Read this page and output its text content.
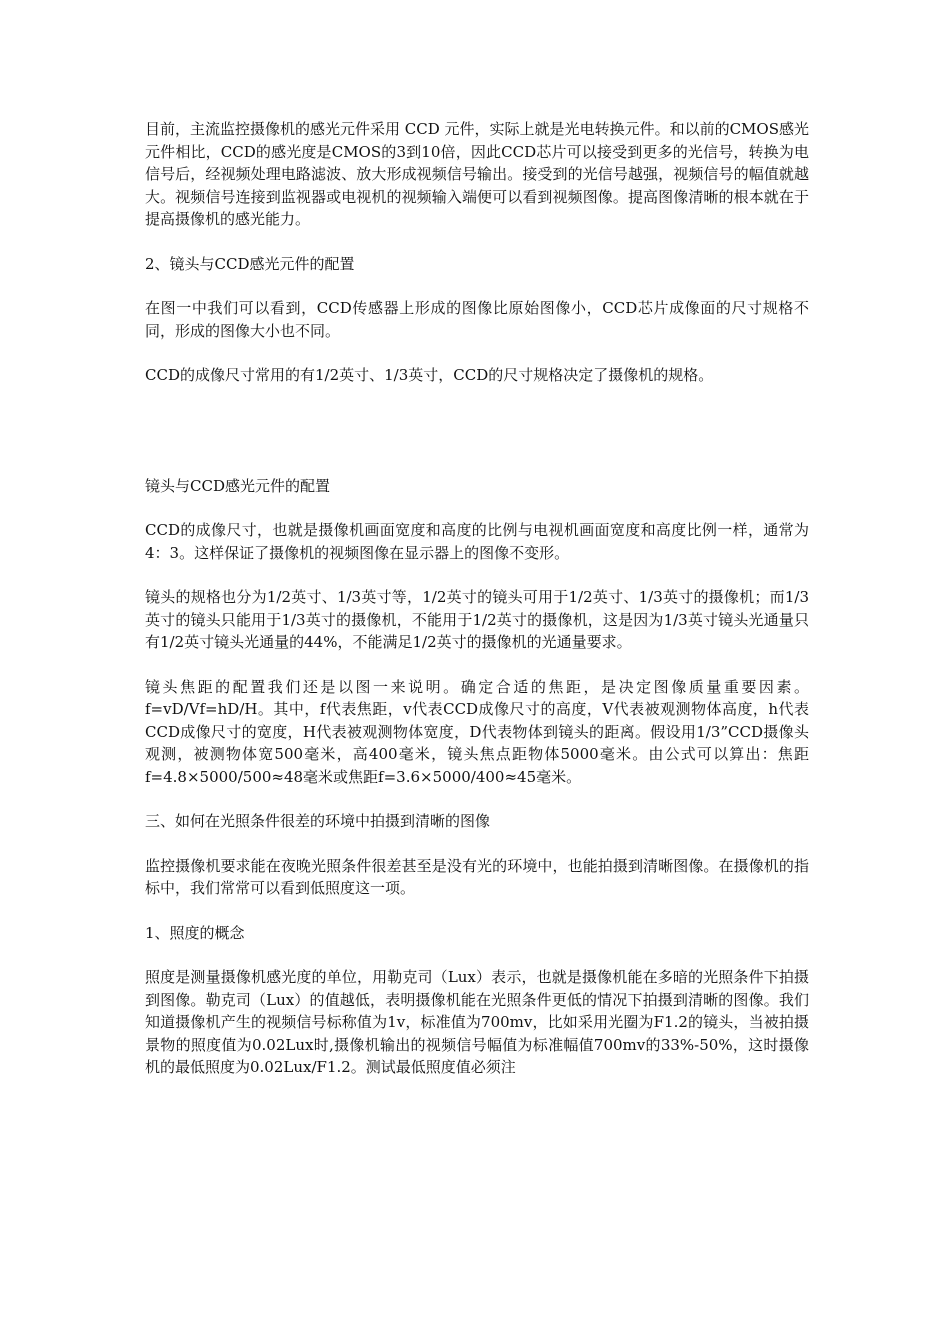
目前，主流监控摄像机的感光元件采用 CCD 元件，实际上就是光电转换元件。和以前的CMOS感光元件相比，CCD的感光度是CMOS的3到10倍，因此CCD芯片可以接受到更多的光信号，转换为电信号后，经视频处理电路滤波、放大形成视频信号输出。接受到的光信号越强，视频信号的幅值就越大。视频信号连接到监视器或电视机的视频输入端便可以看到视频图像。提高图像清晰的根本就在于提高摄像机的感光能力。

2、镜头与CCD感光元件的配置

在图一中我们可以看到，CCD传感器上形成的图像比原始图像小，CCD芯片成像面的尺寸规格不同，形成的图像大小也不同。

CCD的成像尺寸常用的有1/2英寸、1/3英寸，CCD的尺寸规格决定了摄像机的规格。

镜头与CCD感光元件的配置

CCD的成像尺寸，也就是摄像机画面宽度和高度的比例与电视机画面宽度和高度比例一样，通常为4：3。这样保证了摄像机的视频图像在显示器上的图像不变形。

镜头的规格也分为1/2英寸、1/3英寸等，1/2英寸的镜头可用于1/2英寸、1/3英寸的摄像机；而1/3英寸的镜头只能用于1/3英寸的摄像机，不能用于1/2英寸的摄像机，这是因为1/3英寸镜头光通量只有1/2英寸镜头光通量的44%，不能满足1/2英寸的摄像机的光通量要求。

镜头焦距的配置我们还是以图一来说明。确定合适的焦距，是决定图像质量重要因素。f=vD/Vf=hD/H。其中，f代表焦距，v代表CCD成像尺寸的高度，V代表被观测物体高度，h代表CCD成像尺寸的宽度，H代表被观测物体宽度，D代表物体到镜头的距离。假设用1/3”CCD摄像头观测，被测物体宽500毫米，高400毫米，镜头焦点距物体5000毫米。由公式可以算出：焦距f=4.8×5000/500≈48毫米或焦距f=3.6×5000/400≈45毫米。

三、如何在光照条件很差的环境中拍摄到清晰的图像

监控摄像机要求能在夜晚光照条件很差甚至是没有光的环境中，也能拍摄到清晰图像。在摄像机的指标中，我们常常可以看到低照度这一项。

1、照度的概念

照度是测量摄像机感光度的单位，用勒克司（Lux）表示，也就是摄像机能在多暗的光照条件下拍摄到图像。勒克司（Lux）的值越低，表明摄像机能在光照条件更低的情况下拍摄到清晰的图像。我们知道摄像机产生的视频信号标称值为1v，标准值为700mv，比如采用光圈为F1.2的镜头，当被拍摄景物的照度值为0.02Lux时,摄像机输出的视频信号幅值为标准幅值700mv的33%-50%，这时摄像机的最低照度为0.02Lux/F1.2。测试最低照度值必须注
